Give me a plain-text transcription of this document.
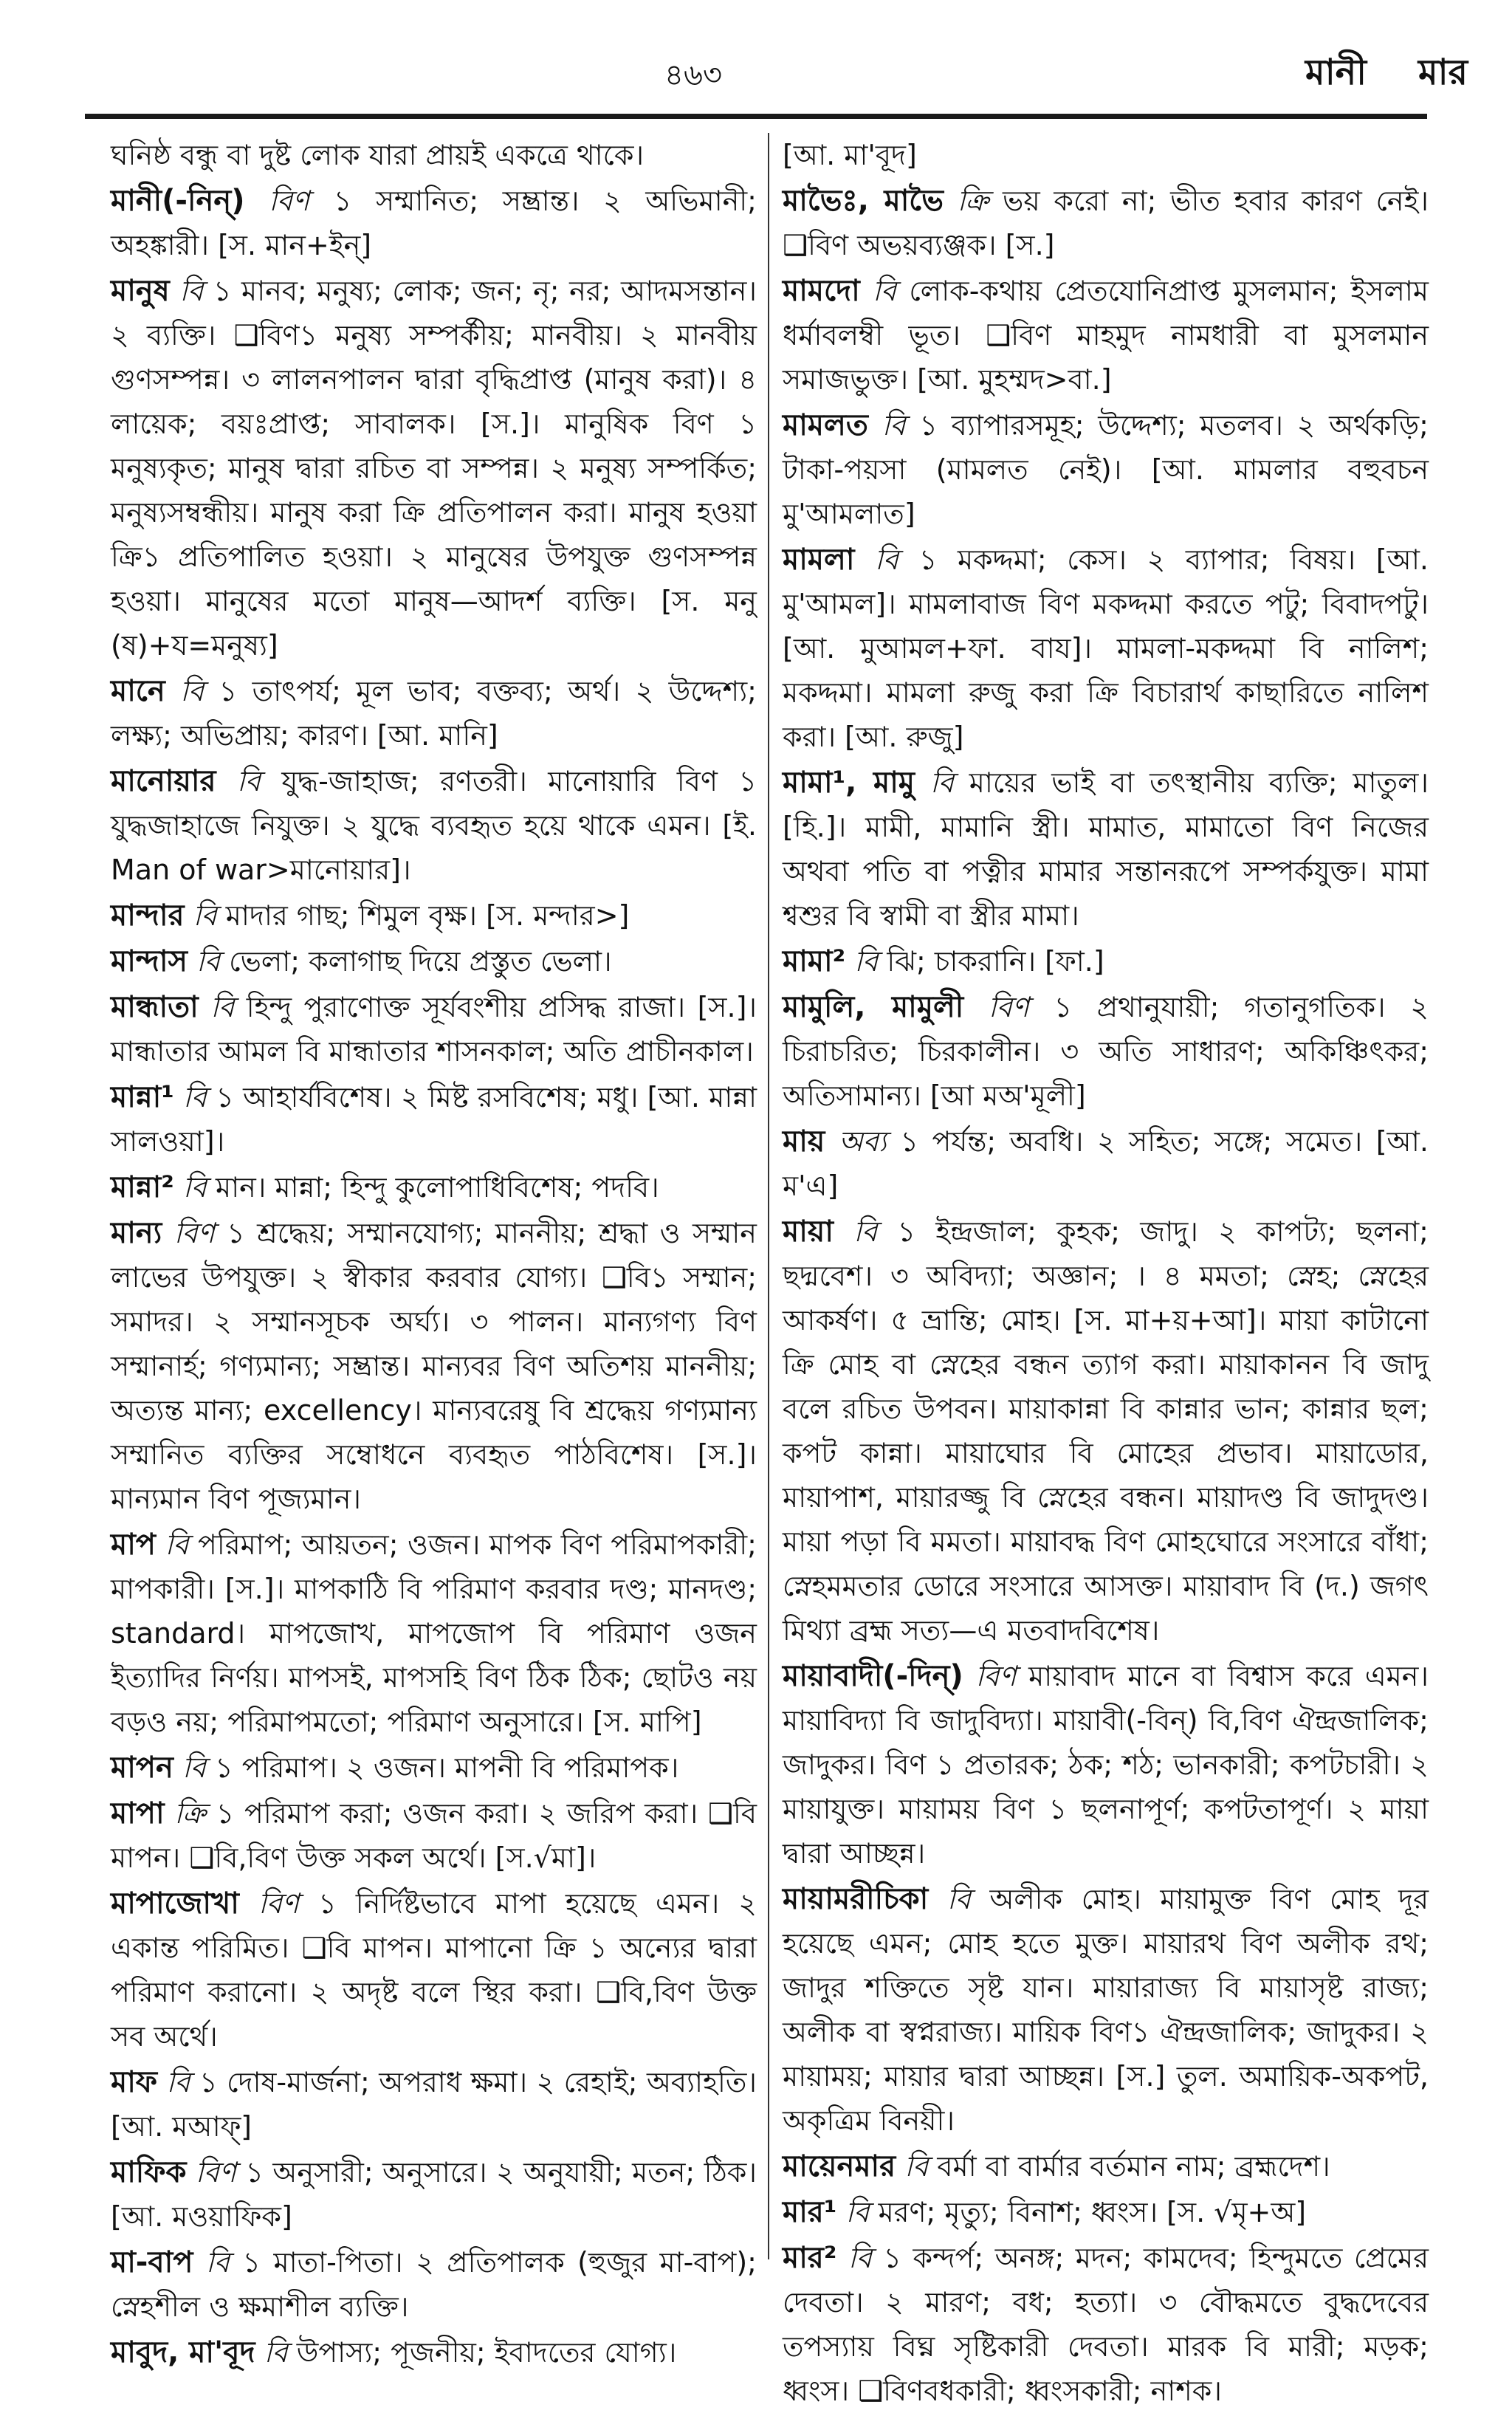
৪৬৩	মানী মার
ঘনিষ্ঠ বন্ধু বা দুষ্ট লোক যারা প্রায়ই একত্রে থাকে।
মানী(-নিন্) বিণ ১ সম্মানিত; সম্ভ্রান্ত। ২ অভিমানী; অহঙ্কারী। [স. মান+ইন্]
মানুষ বি ১ মানব; মনুষ্য; লোক; জন; নৃ; নর; আদমসন্তান। ২ ব্যক্তি। ❑বিণ১ মনুষ্য সম্পর্কীয়; মানবীয়। ২ মানবীয় গুণসম্পন্ন। ৩ লালনপালন দ্বারা বৃদ্ধিপ্রাপ্ত (মানুষ করা)। ৪ লায়েক; বয়ঃপ্রাপ্ত; সাবালক। [স.]। মানুষিক বিণ ১ মনুষ্যকৃত; মানুষ দ্বারা রচিত বা সম্পন্ন। ২ মনুষ্য সম্পর্কিত; মনুষ্যসম্বন্ধীয়। মানুষ করা ক্রি প্রতিপালন করা। মানুষ হওয়া ক্রি১ প্রতিপালিত হওয়া। ২ মানুষের উপযুক্ত গুণসম্পন্ন হওয়া। মানুষের মতো মানুষ—আদর্শ ব্যক্তি। [স. মনু (ষ)+য=মনুষ্য]
মানে বি ১ তাৎপর্য; মূল ভাব; বক্তব্য; অর্থ। ২ উদ্দেশ্য; লক্ষ্য; অভিপ্রায়; কারণ। [আ. মানি]
মানোয়ার বি যুদ্ধ-জাহাজ; রণতরী। মানোয়ারি বিণ ১ যুদ্ধজাহাজে নিযুক্ত। ২ যুদ্ধে ব্যবহৃত হয়ে থাকে এমন। [ই. Man of war>মানোয়ার]।
মান্দার বি মাদার গাছ; শিমুল বৃক্ষ। [স. মন্দার>]
মান্দাস বি ভেলা; কলাগাছ দিয়ে প্রস্তুত ভেলা।
মান্ধাতা বি হিন্দু পুরাণোক্ত সূর্যবংশীয় প্রসিদ্ধ রাজা। [স.]। মান্ধাতার আমল বি মান্ধাতার শাসনকাল; অতি প্রাচীনকাল।
মান্না¹ বি ১ আহার্যবিশেষ। ২ মিষ্ট রসবিশেষ; মধু। [আ. মান্না সালওয়া]।
মান্না² বি মান। মান্না; হিন্দু কুলোপাধিবিশেষ; পদবি।
মান্য বিণ ১ শ্রদ্ধেয়; সম্মানযোগ্য; মাননীয়; শ্রদ্ধা ও সম্মান লাভের উপযুক্ত। ২ স্বীকার করবার যোগ্য। ❑বি১ সম্মান; সমাদর। ২ সম্মানসূচক অর্ঘ্য। ৩ পালন। মান্যগণ্য বিণ সম্মানার্হ; গণ্যমান্য; সম্ভ্রান্ত। মান্যবর বিণ অতিশয় মাননীয়; অত্যন্ত মান্য; excellency। মান্যবরেষু বি শ্রদ্ধেয় গণ্যমান্য সম্মানিত ব্যক্তির সম্বোধনে ব্যবহৃত পাঠবিশেষ। [স.]। মান্যমান বিণ পূজ্যমান।
মাপ বি পরিমাপ; আয়তন; ওজন। মাপক বিণ পরিমাপকারী; মাপকারী। [স.]। মাপকাঠি বি পরিমাণ করবার দণ্ড; মানদণ্ড; standard। মাপজোখ, মাপজোপ বি পরিমাণ ওজন ইত্যাদির নির্ণয়। মাপসই, মাপসহি বিণ ঠিক ঠিক; ছোটও নয় বড়ও নয়; পরিমাপমতো; পরিমাণ অনুসারে। [স. মাপি]
মাপন বি ১ পরিমাপ। ২ ওজন। মাপনী বি পরিমাপক।
মাপা ক্রি ১ পরিমাপ করা; ওজন করা। ২ জরিপ করা। ❑বি মাপন। ❑বি,বিণ উক্ত সকল অর্থে। [স.√মা]।
মাপাজোখা বিণ ১ নির্দিষ্টভাবে মাপা হয়েছে এমন। ২ একান্ত পরিমিত। ❑বি মাপন। মাপানো ক্রি ১ অন্যের দ্বারা পরিমাণ করানো। ২ অদৃষ্ট বলে স্থির করা। ❑বি,বিণ উক্ত সব অর্থে।
মাফ বি ১ দোষ-মার্জনা; অপরাধ ক্ষমা। ২ রেহাই; অব্যাহতি। [আ. মআফ্]
মাফিক বিণ ১ অনুসারী; অনুসারে। ২ অনুযায়ী; মতন; ঠিক। [আ. মওয়াফিক]
মা-বাপ বি ১ মাতা-পিতা। ২ প্রতিপালক (হুজুর মা-বাপ); স্নেহশীল ও ক্ষমাশীল ব্যক্তি।
মাবুদ, মা'বূদ বি উপাস্য; পূজনীয়; ইবাদতের যোগ্য।
[আ. মা'বূদ]
মাভৈঃ, মাভৈ ক্রি ভয় করো না; ভীত হবার কারণ নেই। ❑বিণ অভয়ব্যঞ্জক। [স.]
মামদো বি লোক-কথায় প্রেতযোনিপ্রাপ্ত মুসলমান; ইসলাম ধর্মাবলম্বী ভূত। ❑বিণ মাহমুদ নামধারী বা মুসলমান সমাজভুক্ত। [আ. মুহম্মদ>বা.]
মামলত বি ১ ব্যাপারসমূহ; উদ্দেশ্য; মতলব। ২ অর্থকড়ি; টাকা-পয়সা (মামলত নেই)। [আ. মামলার বহুবচন মু'আমলাত]
মামলা বি ১ মকদ্দমা; কেস। ২ ব্যাপার; বিষয়। [আ. মু'আমল]। মামলাবাজ বিণ মকদ্দমা করতে পটু; বিবাদপটু। [আ. মুআমল+ফা. বায]। মামলা-মকদ্দমা বি নালিশ; মকদ্দমা। মামলা রুজু করা ক্রি বিচারার্থ কাছারিতে নালিশ করা। [আ. রুজু]
মামা¹, মামু বি মায়ের ভাই বা তৎস্থানীয় ব্যক্তি; মাতুল। [হি.]। মামী, মামানি স্ত্রী। মামাত, মামাতো বিণ নিজের অথবা পতি বা পত্নীর মামার সন্তানরূপে সম্পর্কযুক্ত। মামা শ্বশুর বি স্বামী বা স্ত্রীর মামা।
মামা² বি ঝি; চাকরানি। [ফা.]
মামুলি, মামুলী বিণ ১ প্রথানুযায়ী; গতানুগতিক। ২ চিরাচরিত; চিরকালীন। ৩ অতি সাধারণ; অকিঞ্চিৎকর; অতিসামান্য। [আ মঅ'মূলী]
মায় অব্য ১ পর্যন্ত; অবধি। ২ সহিত; সঙ্গে; সমেত। [আ. ম'এ]
মায়া বি ১ ইন্দ্রজাল; কুহক; জাদু। ২ কাপট্য; ছলনা; ছদ্মবেশ। ৩ অবিদ্যা; অজ্ঞান; । ৪ মমতা; স্নেহ; স্নেহের আকর্ষণ। ৫ ভ্রান্তি; মোহ। [স. মা+য়+আ]। মায়া কাটানো ক্রি মোহ বা স্নেহের বন্ধন ত্যাগ করা। মায়াকানন বি জাদু বলে রচিত উপবন। মায়াকান্না বি কান্নার ভান; কান্নার ছল; কপট কান্না। মায়াঘোর বি মোহের প্রভাব। মায়াডোর, মায়াপাশ, মায়ারজ্জু বি স্নেহের বন্ধন। মায়াদণ্ড বি জাদুদণ্ড। মায়া পড়া বি মমতা। মায়াবদ্ধ বিণ মোহঘোরে সংসারে বাঁধা; স্নেহমমতার ডোরে সংসারে আসক্ত। মায়াবাদ বি (দ.) জগৎ মিথ্যা ব্রহ্ম সত্য—এ মতবাদবিশেষ।
মায়াবাদী(-দিন্) বিণ মায়াবাদ মানে বা বিশ্বাস করে এমন। মায়াবিদ্যা বি জাদুবিদ্যা। মায়াবী(-বিন্) বি,বিণ ঐন্দ্রজালিক; জাদুকর। বিণ ১ প্রতারক; ঠক; শঠ; ভানকারী; কপটচারী। ২ মায়াযুক্ত। মায়াময় বিণ ১ ছলনাপূর্ণ; কপটতাপূর্ণ। ২ মায়া দ্বারা আচ্ছন্ন।
মায়ামরীচিকা বি অলীক মোহ। মায়ামুক্ত বিণ মোহ দূর হয়েছে এমন; মোহ হতে মুক্ত। মায়ারথ বিণ অলীক রথ; জাদুর শক্তিতে সৃষ্ট যান। মায়ারাজ্য বি মায়াসৃষ্ট রাজ্য; অলীক বা স্বপ্নরাজ্য। মায়িক বিণ১ ঐন্দ্রজালিক; জাদুকর। ২ মায়াময়; মায়ার দ্বারা আচ্ছন্ন। [স.] তুল. অমায়িক-অকপট, অকৃত্রিম বিনয়ী।
মায়েনমার বি বর্মা বা বার্মার বর্তমান নাম; ব্রহ্মদেশ।
মার¹ বি মরণ; মৃত্যু; বিনাশ; ধ্বংস। [স. √মৃ+অ]
মার² বি ১ কন্দর্প; অনঙ্গ; মদন; কামদেব; হিন্দুমতে প্রেমের দেবতা। ২ মারণ; বধ; হত্যা। ৩ বৌদ্ধমতে বুদ্ধদেবের তপস্যায় বিঘ্ন সৃষ্টিকারী দেবতা। মারক বি মারী; মড়ক; ধ্বংস। ❑বিণবধকারী; ধ্বংসকারী; নাশক।
